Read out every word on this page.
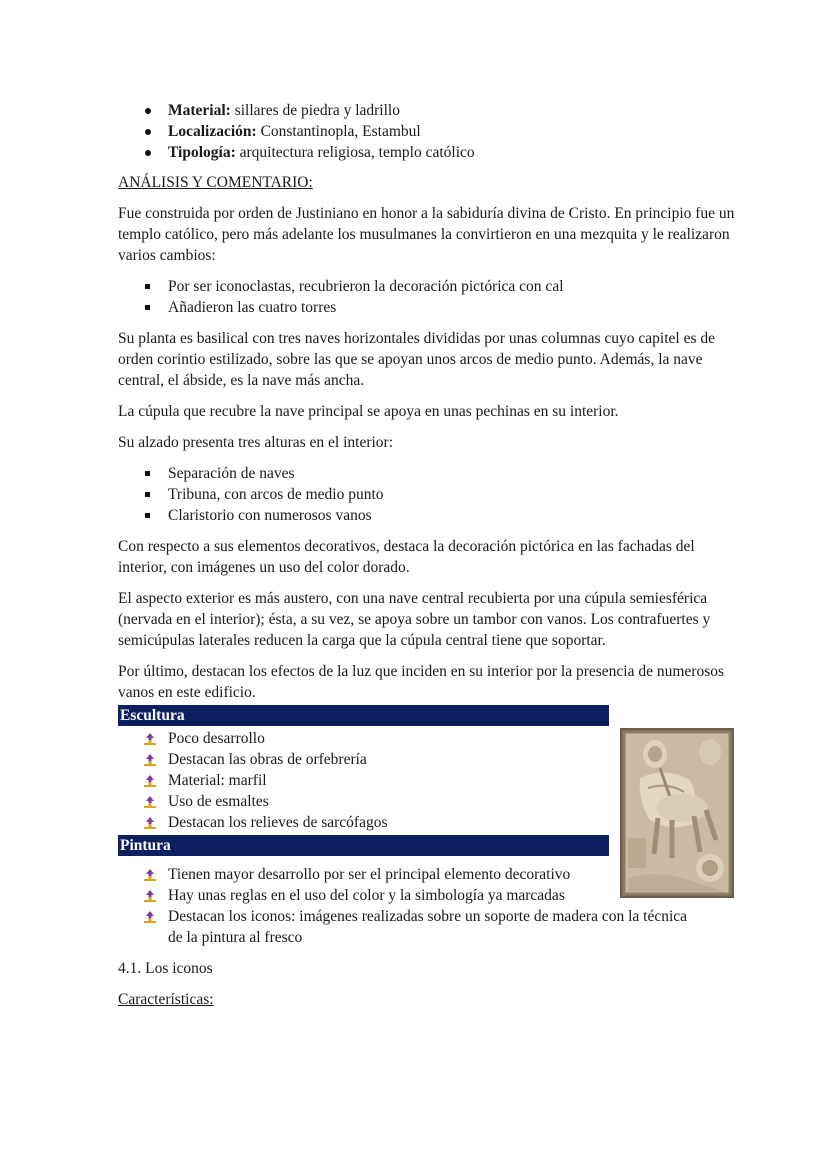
Material: sillares de piedra y ladrillo
Localización: Constantinopla, Estambul
Tipología: arquitectura religiosa, templo católico

ANÁLISIS Y COMENTARIO:

Fue construida por orden de Justiniano en honor a la sabiduría divina de Cristo. En principio fue un templo católico, pero más adelante los musulmanes la convirtieron en una mezquita y le realizaron varios cambios:

Por ser iconoclastas, recubrieron la decoración pictórica con cal
Añadieron las cuatro torres

Su planta es basilical con tres naves horizontales divididas por unas columnas cuyo capitel es de orden corintio estilizado, sobre las que se apoyan unos arcos de medio punto. Además, la nave central, el ábside, es la nave más ancha.

La cúpula que recubre la nave principal se apoya en unas pechinas en su interior.

Su alzado presenta tres alturas en el interior:

Separación de naves
Tribuna, con arcos de medio punto
Claristorio con numerosos vanos

Con respecto a sus elementos decorativos, destaca la decoración pictórica en las fachadas del interior, con imágenes un uso del color dorado.

El aspecto exterior es más austero, con una nave central recubierta por una cúpula semiesférica (nervada en el interior); ésta, a su vez, se apoya sobre un tambor con vanos. Los contrafuertes y semicúpulas laterales reducen la carga que la cúpula central tiene que soportar.

Por último, destacan los efectos de la luz que inciden en su interior por la presencia de numerosos vanos en este edificio.

Escultura
Poco desarrollo
Destacan las obras de orfebrería
Material: marfil
Uso de esmaltes
Destacan los relieves de sarcófagos
Pintura
Tienen mayor desarrollo por ser el principal elemento decorativo
Hay unas reglas en el uso del color y la simbología ya marcadas
Destacan los iconos: imágenes realizadas sobre un soporte de madera con la técnica de la pintura al fresco

4.1. Los iconos

Características:
